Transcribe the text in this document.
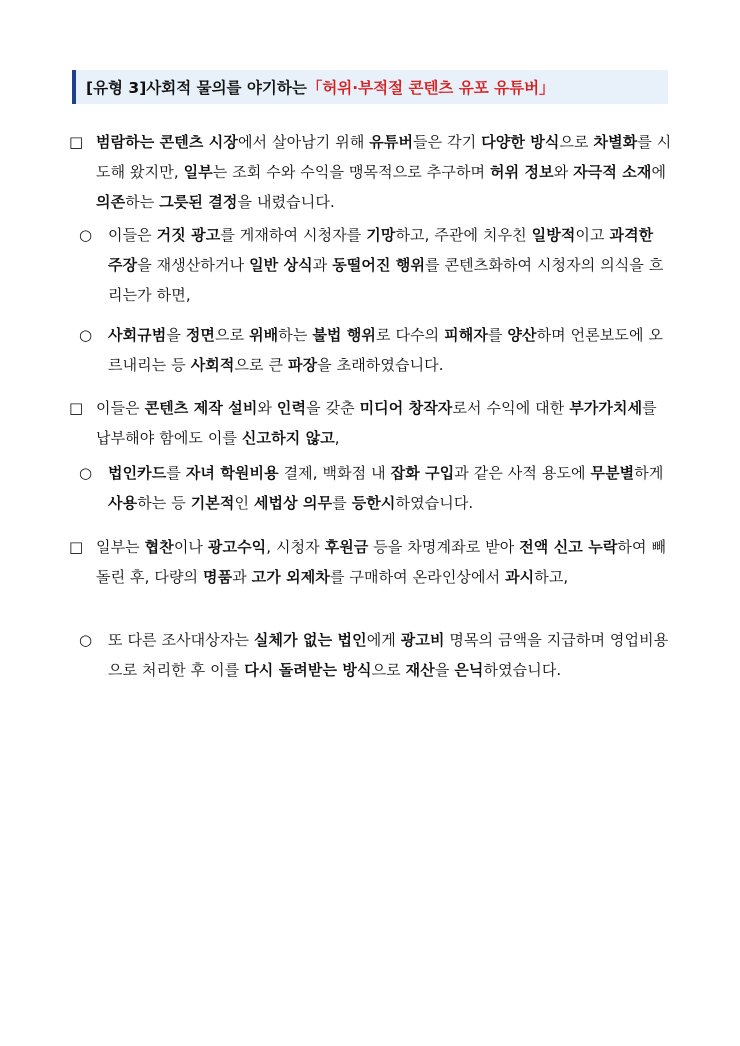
[유형 3] 사회적 물의를 야기하는 「허위·부적절 콘텐츠 유포 유튜버」
□ 범람하는 콘텐츠 시장에서 살아남기 위해 유튜버들은 각기 다양한 방식으로 차별화를 시도해 왔지만, 일부는 조회 수와 수익을 맹목적으로 추구하며 허위 정보와 자극적 소재에 의존하는 그릇된 결정을 내렸습니다.
○ 이들은 거짓 광고를 게재하여 시청자를 기망하고, 주관에 치우친 일방적이고 과격한 주장을 재생산하거나 일반 상식과 동떨어진 행위를 콘텐츠화하여 시청자의 의식을 흐리는가 하면,
○ 사회규범을 정면으로 위배하는 불법 행위로 다수의 피해자를 양산하며 언론보도에 오르내리는 등 사회적으로 큰 파장을 초래하였습니다.
□ 이들은 콘텐츠 제작 설비와 인력을 갖춘 미디어 창작자로서 수익에 대한 부가가치세를 납부해야 함에도 이를 신고하지 않고,
○ 법인카드를 자녀 학원비용 결제, 백화점 내 잡화 구입과 같은 사적 용도에 무분별하게 사용하는 등 기본적인 세법상 의무를 등한시하였습니다.
□ 일부는 협찬이나 광고수익, 시청자 후원금 등을 차명계좌로 받아 전액 신고 누락하여 빼돌린 후, 다량의 명품과 고가 외제차를 구매하여 온라인상에서 과시하고,
○ 또 다른 조사대상자는 실체가 없는 법인에게 광고비 명목의 금액을 지급하며 영업비용으로 처리한 후 이를 다시 돌려받는 방식으로 재산을 은닉하였습니다.
